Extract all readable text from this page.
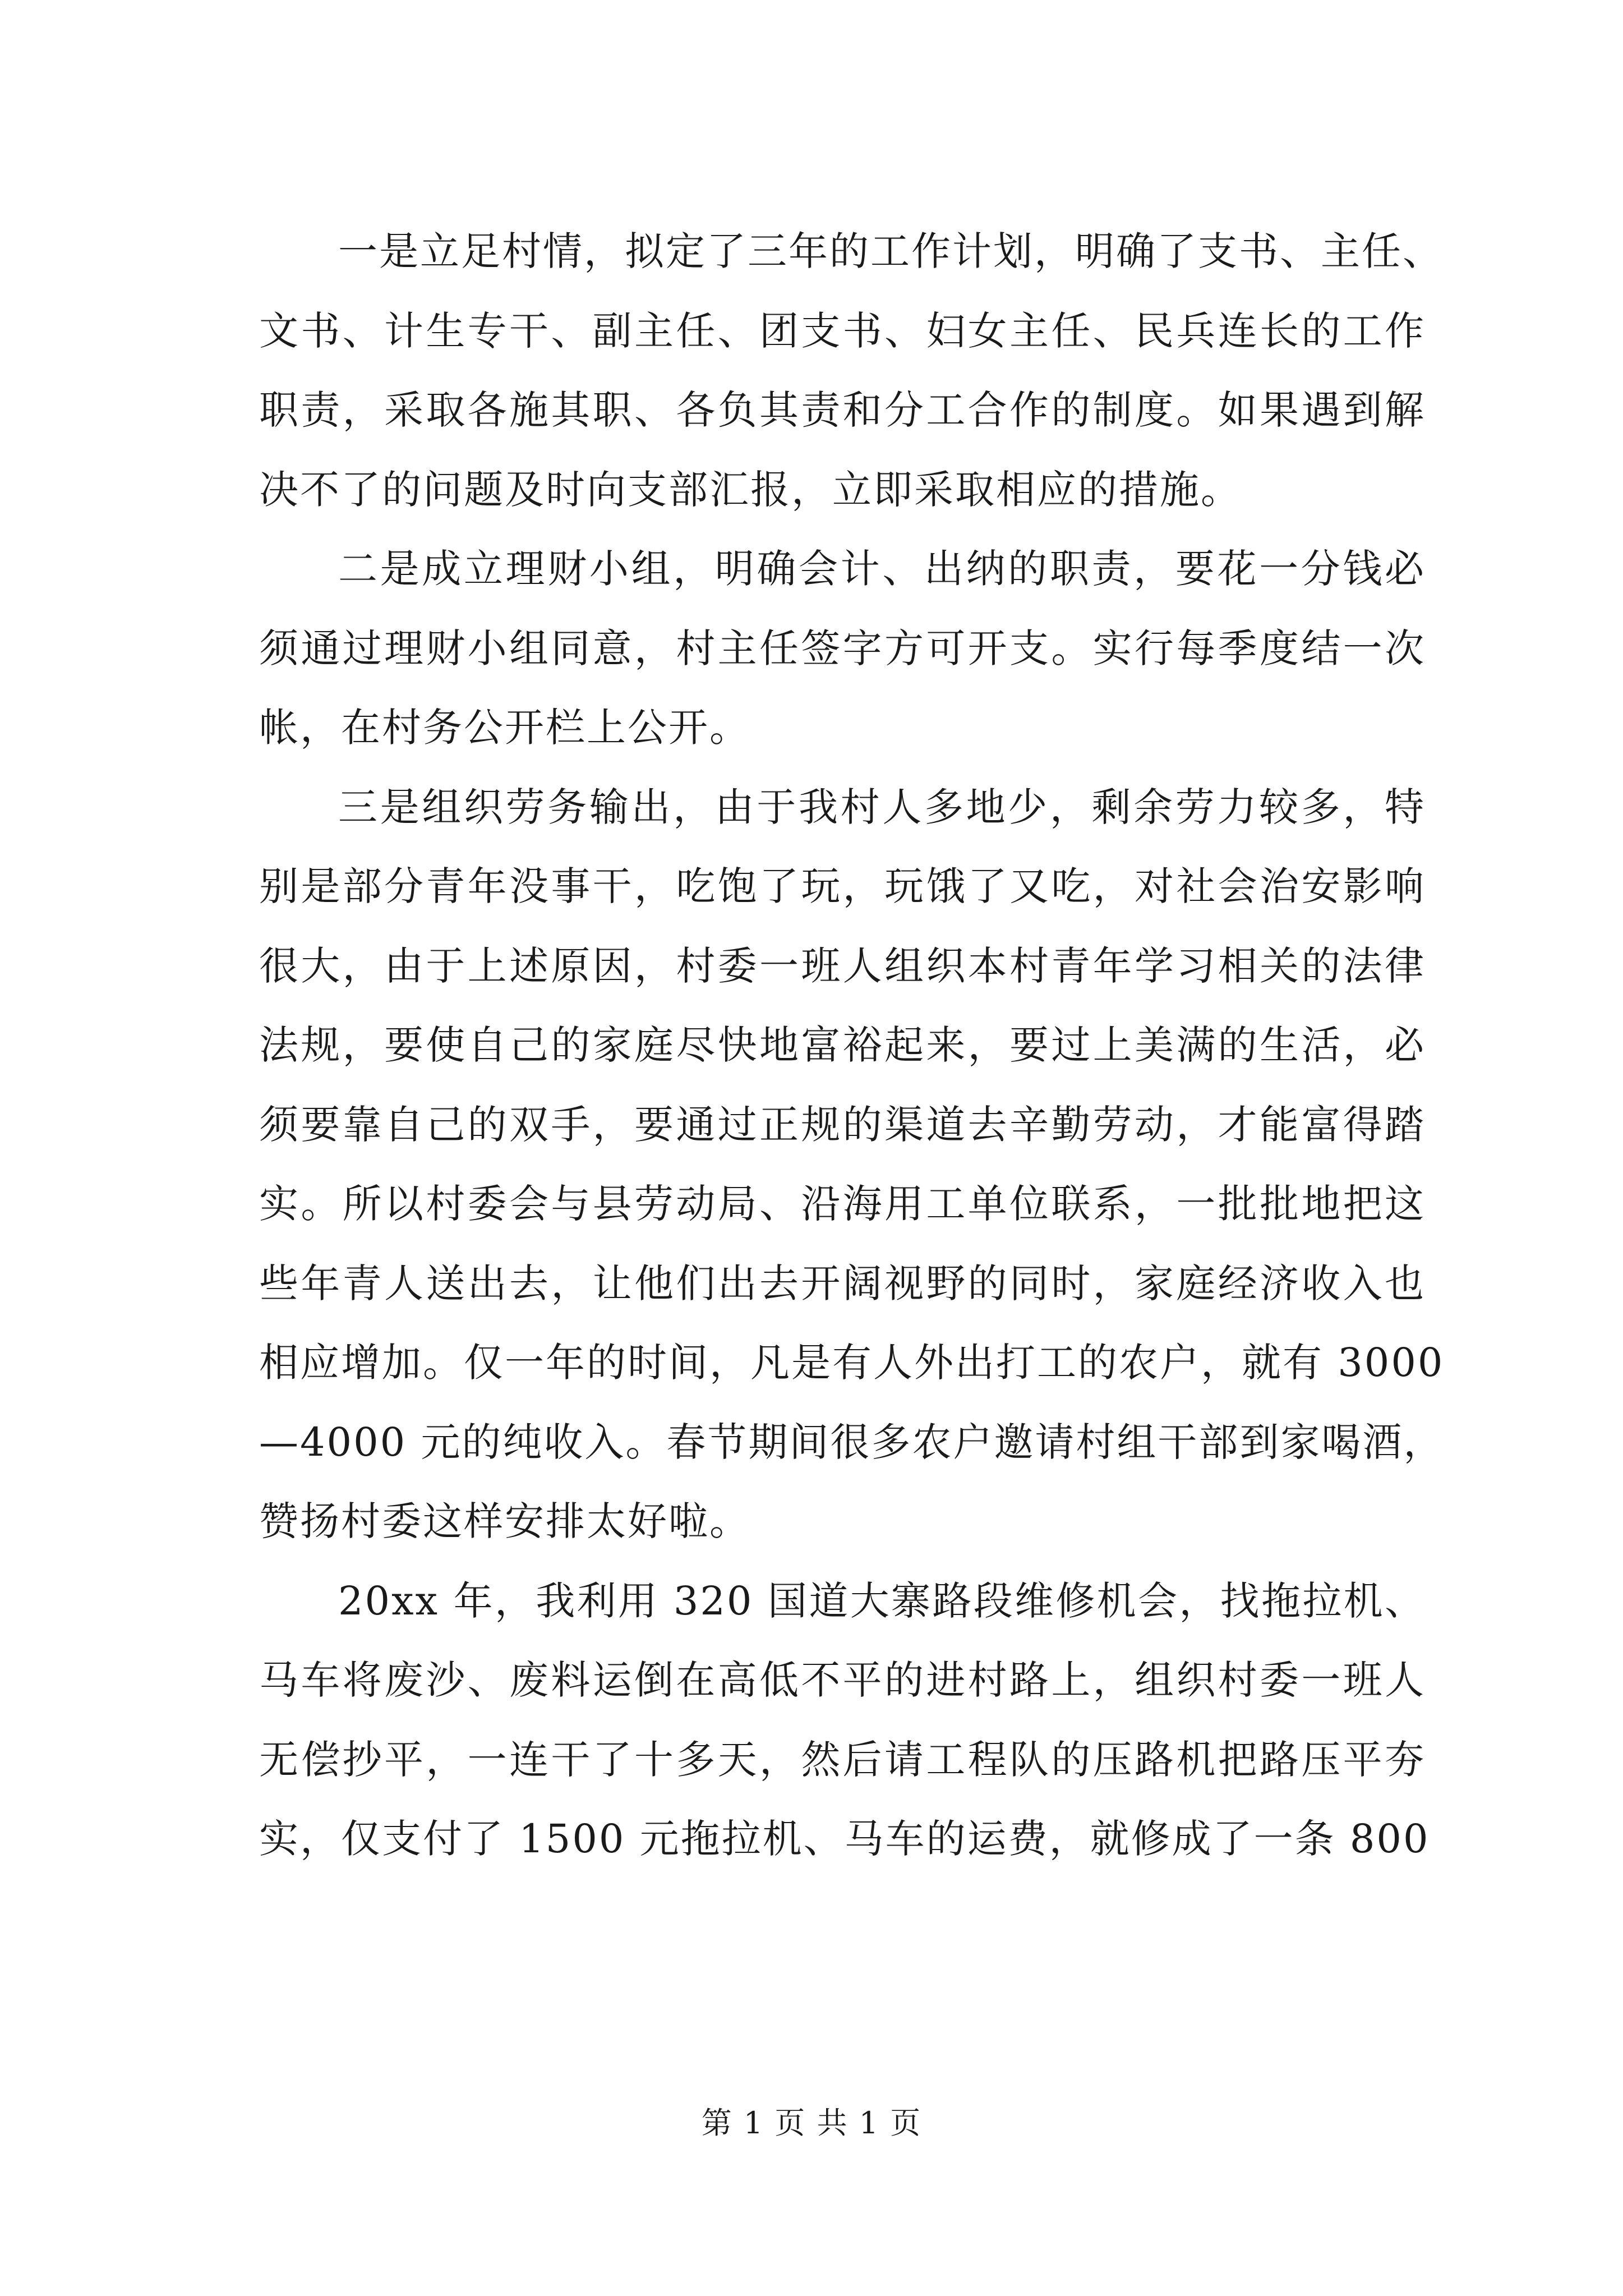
一是立足村情，拟定了三年的工作计划，明确了支书、主任、
文书、计生专干、副主任、团支书、妇女主任、民兵连长的工作
职责，采取各施其职、各负其责和分工合作的制度。如果遇到解
决不了的问题及时向支部汇报，立即采取相应的措施。
二是成立理财小组，明确会计、出纳的职责，要花一分钱必
须通过理财小组同意，村主任签字方可开支。实行每季度结一次
帐，在村务公开栏上公开。
三是组织劳务输出，由于我村人多地少，剩余劳力较多，特
别是部分青年没事干，吃饱了玩，玩饿了又吃，对社会治安影响
很大，由于上述原因，村委一班人组织本村青年学习相关的法律
法规，要使自己的家庭尽快地富裕起来，要过上美满的生活，必
须要靠自己的双手，要通过正规的渠道去辛勤劳动，才能富得踏
实。所以村委会与县劳动局、沿海用工单位联系，一批批地把这
些年青人送出去，让他们出去开阔视野的同时，家庭经济收入也
相应增加。仅一年的时间，凡是有人外出打工的农户，就有 3000
—4000 元的纯收入。春节期间很多农户邀请村组干部到家喝酒，
赞扬村委这样安排太好啦。
20xx 年，我利用 320 国道大寨路段维修机会，找拖拉机、
马车将废沙、废料运倒在高低不平的进村路上，组织村委一班人
无偿抄平，一连干了十多天，然后请工程队的压路机把路压平夯
实，仅支付了 1500 元拖拉机、马车的运费，就修成了一条 800
第 1 页 共 1 页
